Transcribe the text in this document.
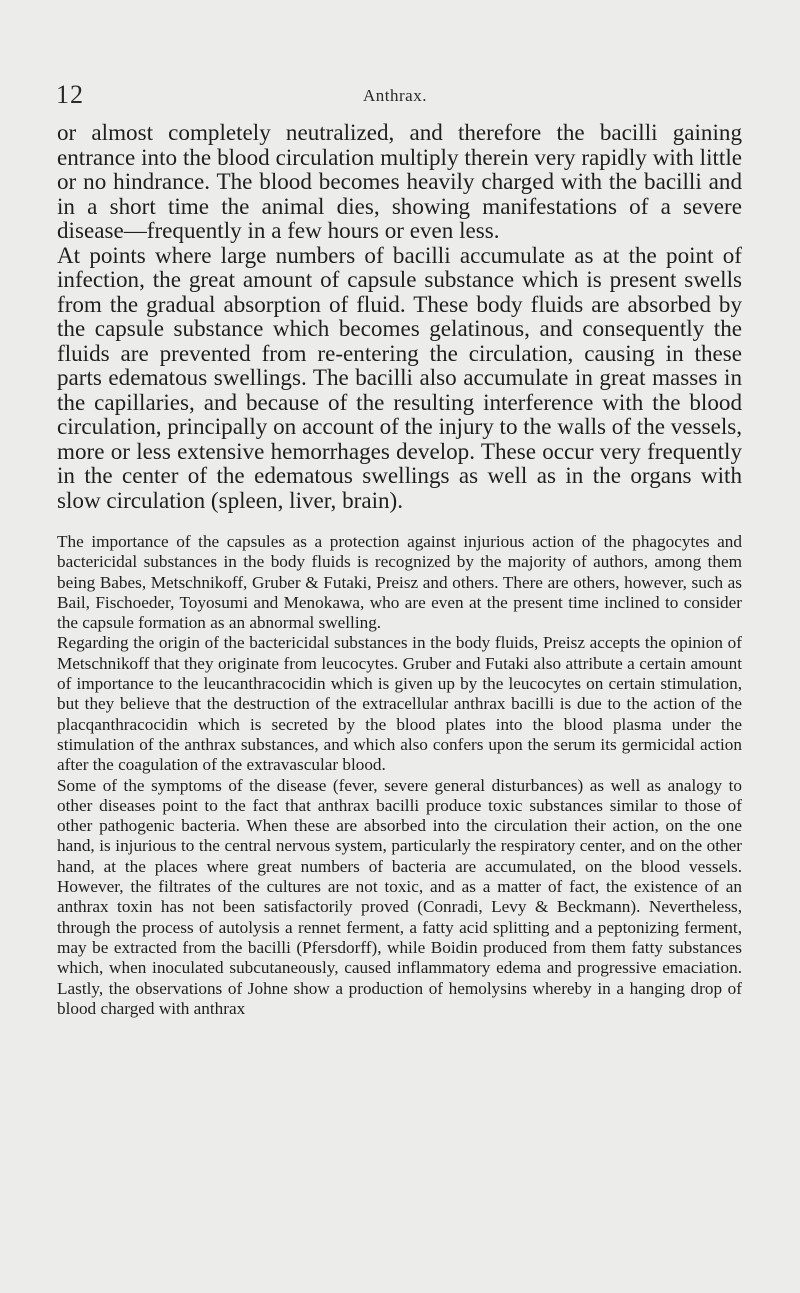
12	Anthrax.

or almost completely neutralized, and therefore the bacilli gaining entrance into the blood circulation multiply therein very rapidly with little or no hindrance. The blood becomes heavily charged with the bacilli and in a short time the animal dies, showing manifestations of a severe disease—frequently in a few hours or even less.

At points where large numbers of bacilli accumulate as at the point of infection, the great amount of capsule substance which is present swells from the gradual absorption of fluid. These body fluids are absorbed by the capsule substance which becomes gelatinous, and consequently the fluids are prevented from re-entering the circulation, causing in these parts edematous swellings. The bacilli also accumulate in great masses in the capillaries, and because of the resulting interference with the blood circulation, principally on account of the injury to the walls of the vessels, more or less extensive hemorrhages develop. These occur very frequently in the center of the edematous swellings as well as in the organs with slow circulation (spleen, liver, brain).

The importance of the capsules as a protection against injurious action of the phagocytes and bactericidal substances in the body fluids is recognized by the majority of authors, among them being Babes, Metschnikoff, Gruber & Futaki, Preisz and others. There are others, however, such as Bail, Fischoeder, Toyosumi and Menokawa, who are even at the present time inclined to consider the capsule formation as an abnormal swelling.

Regarding the origin of the bactericidal substances in the body fluids, Preisz accepts the opinion of Metschnikoff that they originate from leucocytes. Gruber and Futaki also attribute a certain amount of importance to the leucanthracocidin which is given up by the leucocytes on certain stimulation, but they believe that the destruction of the extracellular anthrax bacilli is due to the action of the placqanthracocidin which is secreted by the blood plates into the blood plasma under the stimulation of the anthrax substances, and which also confers upon the serum its germicidal action after the coagulation of the extravascular blood.

Some of the symptoms of the disease (fever, severe general disturbances) as well as analogy to other diseases point to the fact that anthrax bacilli produce toxic substances similar to those of other pathogenic bacteria. When these are absorbed into the circulation their action, on the one hand, is injurious to the central nervous system, particularly the respiratory center, and on the other hand, at the places where great numbers of bacteria are accumulated, on the blood vessels. However, the filtrates of the cultures are not toxic, and as a matter of fact, the existence of an anthrax toxin has not been satisfactorily proved (Conradi, Levy & Beckmann). Nevertheless, through the process of autolysis a rennet ferment, a fatty acid splitting and a peptonizing ferment, may be extracted from the bacilli (Pfersdorff), while Boidin produced from them fatty substances which, when inoculated subcutaneously, caused inflammatory edema and progressive emaciation. Lastly, the observations of Johne show a production of hemolysins whereby in a hanging drop of blood charged with anthrax
